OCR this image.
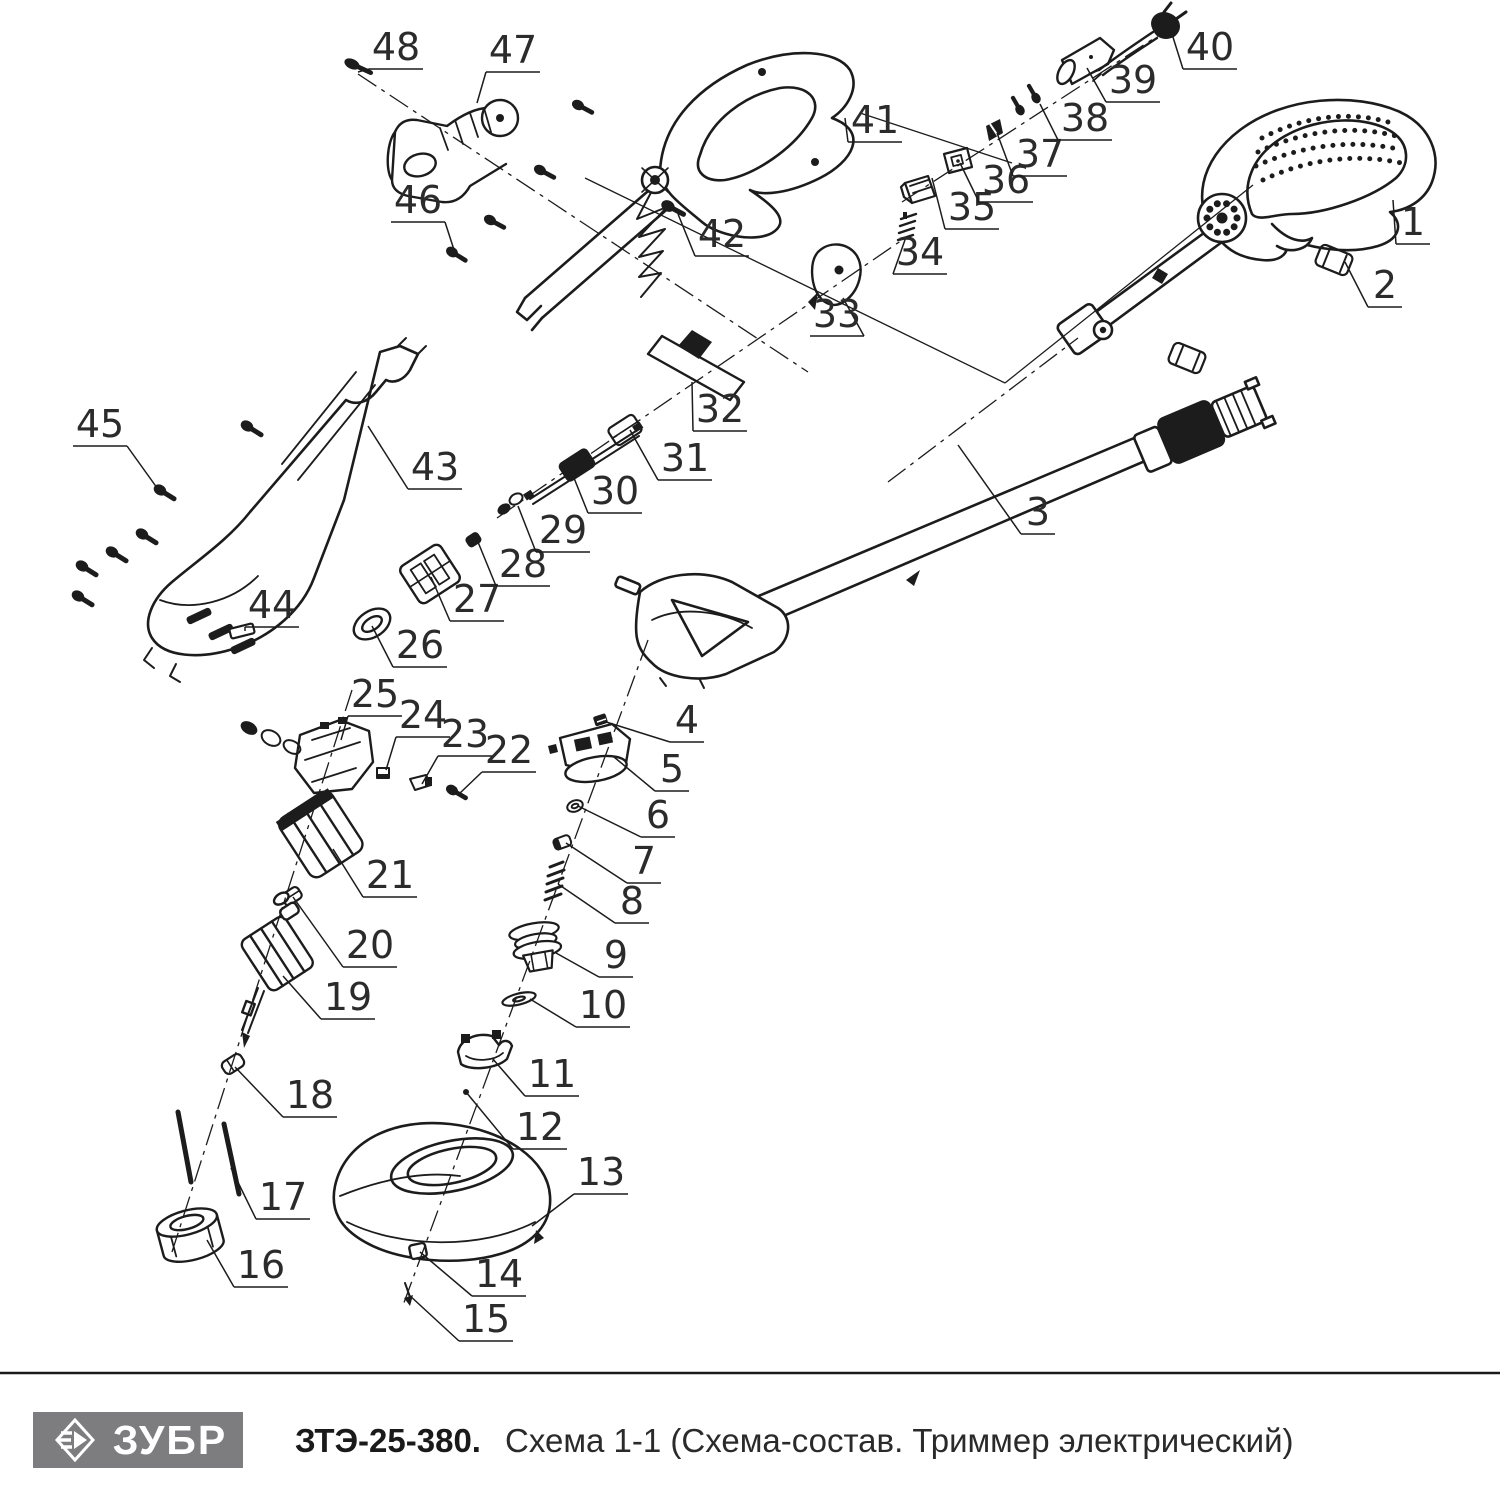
1
2
3
4
5
6
7
8
9
10
11
12
13
14
15
16
17
18
19
20
21
22
23
24
25
26
27
28
29
30
31
32
33
34
35
36
37
38
39
40
41
42
43
44
45
46
47
48
ЗУБР ЗТЭ-25-380. Схема 1-1 (Схема-состав. Триммер электрический)
